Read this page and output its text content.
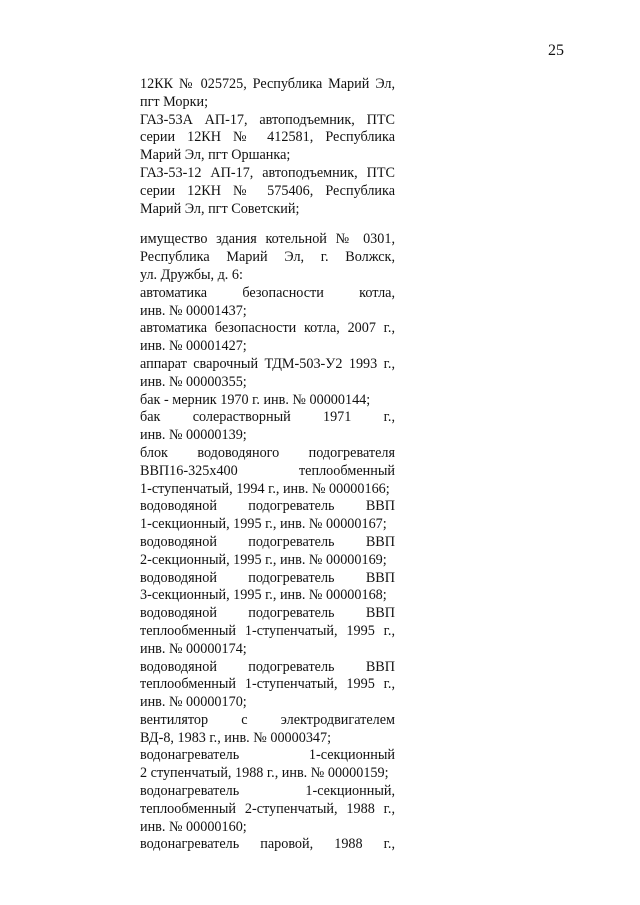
25
12КК № 025725, Республика Марий Эл,
пгт Морки;
ГАЗ-53А АП-17, автоподъемник, ПТС
серии 12КН № 412581, Республика
Марий Эл, пгт Оршанка;
ГАЗ-53-12 АП-17, автоподъемник, ПТС
серии 12КН № 575406, Республика
Марий Эл, пгт Советский;
имущество здания котельной № 0301,
Республика Марий Эл, г. Волжск,
ул. Дружбы, д. 6:
автоматика безопасности котла,
инв. № 00001437;
автоматика безопасности котла, 2007 г.,
инв. № 00001427;
аппарат сварочный ТДМ-503-У2 1993 г.,
инв. № 00000355;
бак - мерник 1970 г. инв. № 00000144;
бак солерастворный 1971 г.,
инв. № 00000139;
блок водоводяного подогревателя
ВВП16-325х400 теплообменный
1-ступенчатый, 1994 г., инв. № 00000166;
водоводяной подогреватель ВВП
1-секционный, 1995 г., инв. № 00000167;
водоводяной подогреватель ВВП
2-секционный, 1995 г., инв. № 00000169;
водоводяной подогреватель ВВП
3-секционный, 1995 г., инв. № 00000168;
водоводяной подогреватель ВВП
теплообменный 1-ступенчатый, 1995 г.,
инв. № 00000174;
водоводяной подогреватель ВВП
теплообменный 1-ступенчатый, 1995 г.,
инв. № 00000170;
вентилятор с электродвигателем
ВД-8, 1983 г., инв. № 00000347;
водонагреватель 1-секционный
2 ступенчатый, 1988 г., инв. № 00000159;
водонагреватель 1-секционный,
теплообменный 2-ступенчатый, 1988 г.,
инв. № 00000160;
водонагреватель паровой, 1988 г.,
